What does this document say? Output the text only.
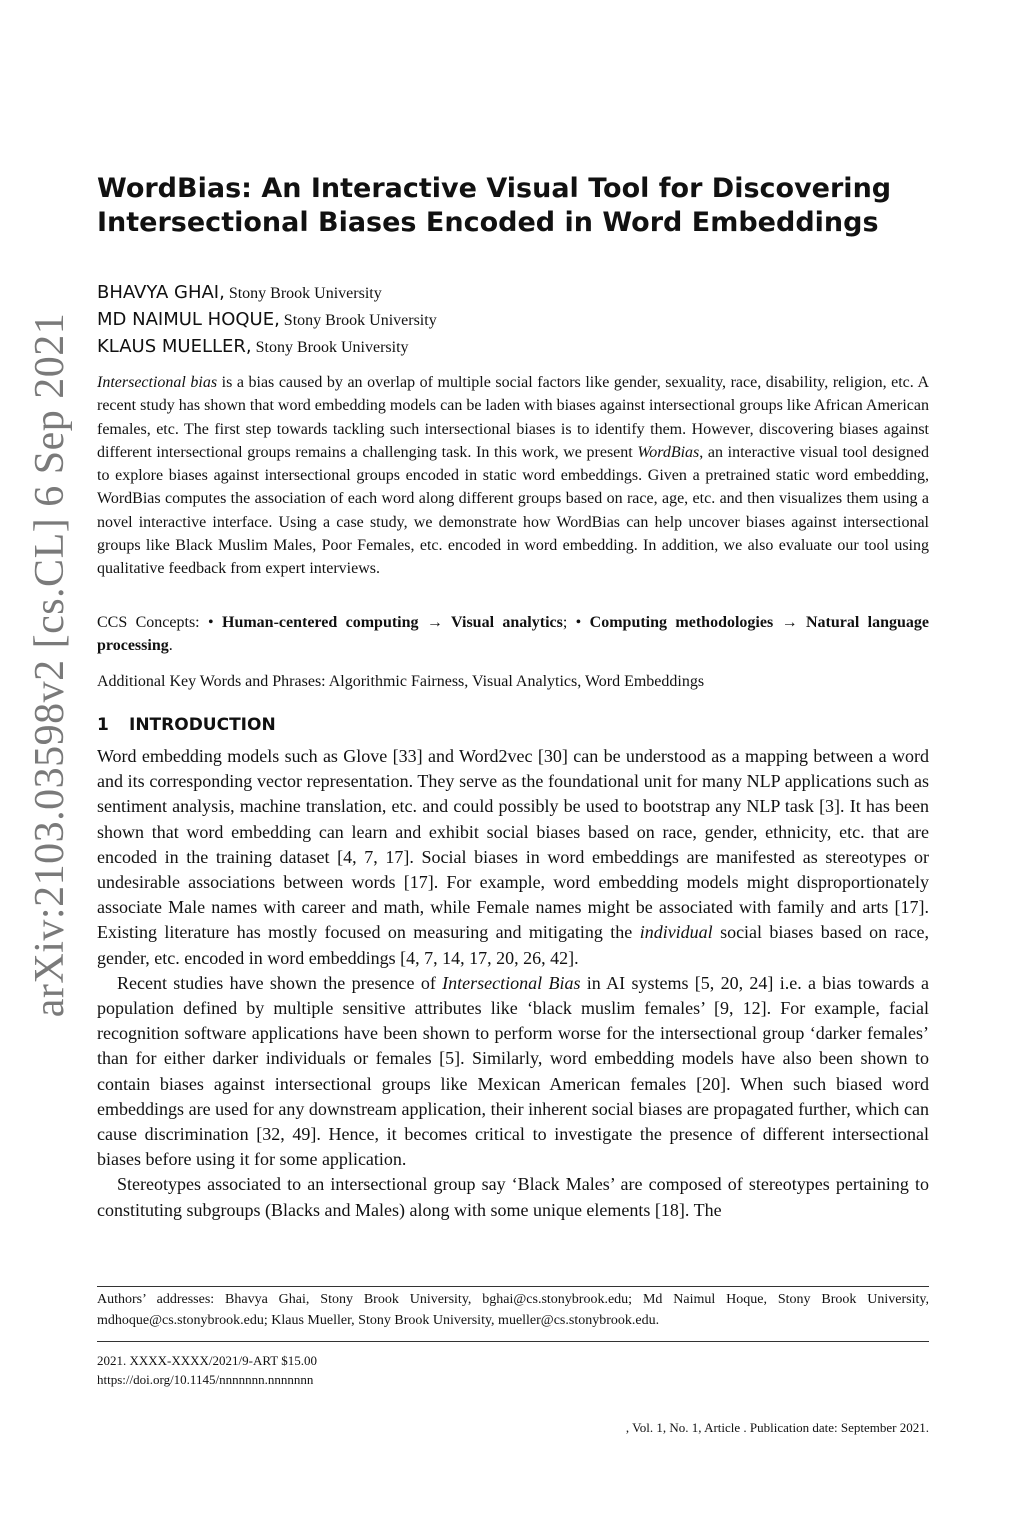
arXiv:2103.03598v2 [cs.CL] 6 Sep 2021
WordBias: An Interactive Visual Tool for Discovering Intersectional Biases Encoded in Word Embeddings
BHAVYA GHAI, Stony Brook University
MD NAIMUL HOQUE, Stony Brook University
KLAUS MUELLER, Stony Brook University

Intersectional bias is a bias caused by an overlap of multiple social factors like gender, sexuality, race, disability, religion, etc. A recent study has shown that word embedding models can be laden with biases against intersectional groups like African American females, etc. The first step towards tackling such intersectional biases is to identify them. However, discovering biases against different intersectional groups remains a challenging task. In this work, we present WordBias, an interactive visual tool designed to explore biases against intersectional groups encoded in static word embeddings. Given a pretrained static word embedding, WordBias computes the association of each word along different groups based on race, age, etc. and then visualizes them using a novel interactive interface. Using a case study, we demonstrate how WordBias can help uncover biases against intersectional groups like Black Muslim Males, Poor Females, etc. encoded in word embedding. In addition, we also evaluate our tool using qualitative feedback from expert interviews.

CCS Concepts: • Human-centered computing → Visual analytics; • Computing methodologies → Natural language processing.

Additional Key Words and Phrases: Algorithmic Fairness, Visual Analytics, Word Embeddings

1 INTRODUCTION

Word embedding models such as Glove [33] and Word2vec [30] can be understood as a mapping between a word and its corresponding vector representation. They serve as the foundational unit for many NLP applications such as sentiment analysis, machine translation, etc. and could possibly be used to bootstrap any NLP task [3]. It has been shown that word embedding can learn and exhibit social biases based on race, gender, ethnicity, etc. that are encoded in the training dataset [4, 7, 17]. Social biases in word embeddings are manifested as stereotypes or undesirable associations between words [17]. For example, word embedding models might disproportionately associate Male names with career and math, while Female names might be associated with family and arts [17]. Existing literature has mostly focused on measuring and mitigating the individual social biases based on race, gender, etc. encoded in word embeddings [4, 7, 14, 17, 20, 26, 42].

Recent studies have shown the presence of Intersectional Bias in AI systems [5, 20, 24] i.e. a bias towards a population defined by multiple sensitive attributes like ‘black muslim females’ [9, 12]. For example, facial recognition software applications have been shown to perform worse for the intersectional group ‘darker females’ than for either darker individuals or females [5]. Similarly, word embedding models have also been shown to contain biases against intersectional groups like Mexican American females [20]. When such biased word embeddings are used for any downstream application, their inherent social biases are propagated further, which can cause discrimination [32, 49]. Hence, it becomes critical to investigate the presence of different intersectional biases before using it for some application.

Stereotypes associated to an intersectional group say ‘Black Males’ are composed of stereotypes pertaining to constituting subgroups (Blacks and Males) along with some unique elements [18]. The

Authors’ addresses: Bhavya Ghai, Stony Brook University, bghai@cs.stonybrook.edu; Md Naimul Hoque, Stony Brook University, mdhoque@cs.stonybrook.edu; Klaus Mueller, Stony Brook University, mueller@cs.stonybrook.edu.

2021. XXXX-XXXX/2021/9-ART $15.00
https://doi.org/10.1145/nnnnnnn.nnnnnnn
, Vol. 1, No. 1, Article . Publication date: September 2021.
